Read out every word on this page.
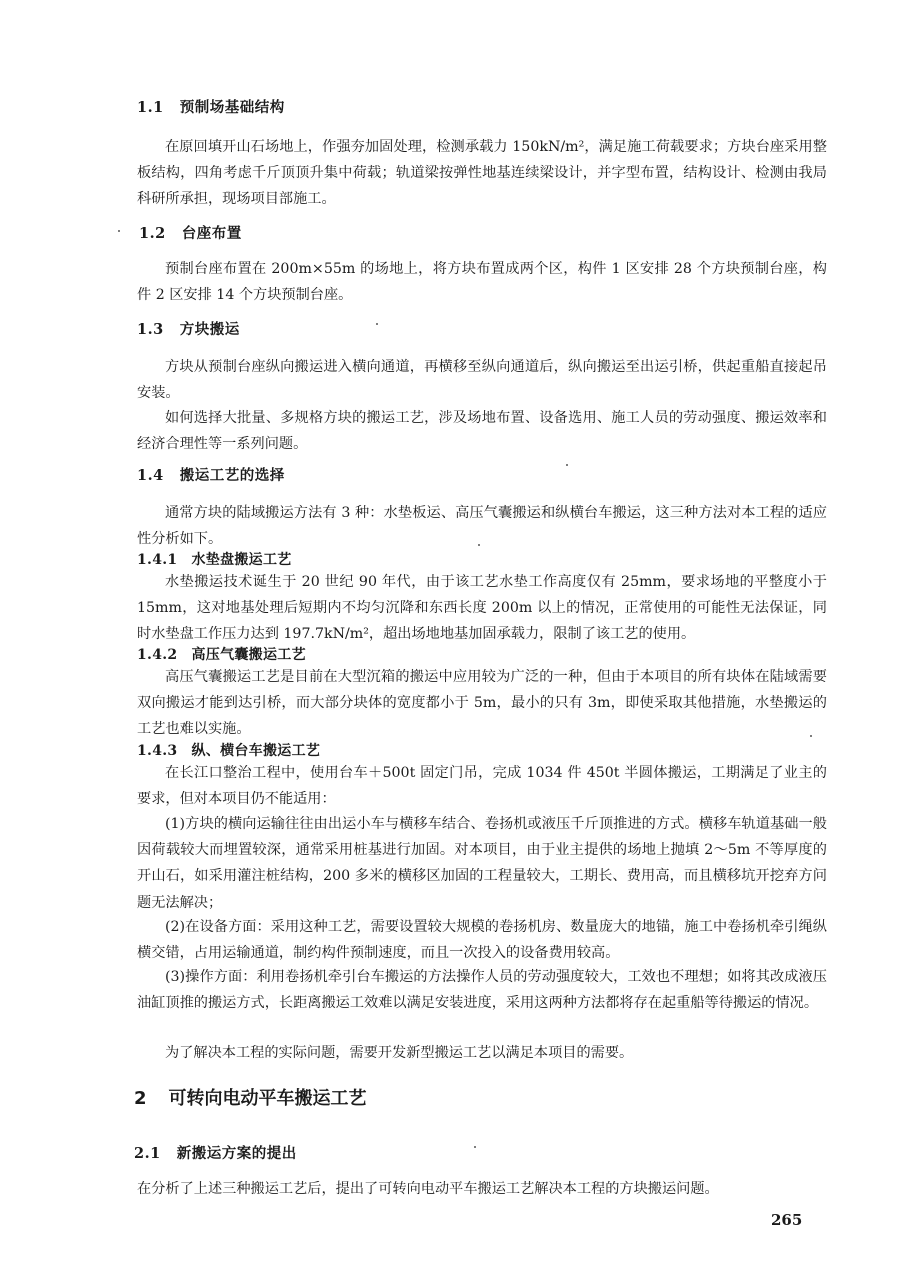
1.1 预制场基础结构
在原回填开山石场地上，作强夯加固处理，检测承载力 150kN/m²，满足施工荷载要求；方块台座采用整板结构，四角考虑千斤顶顶升集中荷载；轨道梁按弹性地基连续梁设计，并字型布置，结构设计、检测由我局科研所承担，现场项目部施工。
1.2 台座布置
预制台座布置在 200m×55m 的场地上，将方块布置成两个区，构件 1 区安排 28 个方块预制台座，构件 2 区安排 14 个方块预制台座。
1.3 方块搬运
方块从预制台座纵向搬运进入横向通道，再横移至纵向通道后，纵向搬运至出运引桥，供起重船直接起吊安装。
如何选择大批量、多规格方块的搬运工艺，涉及场地布置、设备选用、施工人员的劳动强度、搬运效率和经济合理性等一系列问题。
1.4 搬运工艺的选择
通常方块的陆域搬运方法有 3 种：水垫板运、高压气囊搬运和纵横台车搬运，这三种方法对本工程的适应性分析如下。
1.4.1 水垫盘搬运工艺
水垫搬运技术诞生于 20 世纪 90 年代，由于该工艺水垫工作高度仅有 25mm，要求场地的平整度小于 15mm，这对地基处理后短期内不均匀沉降和东西长度 200m 以上的情况，正常使用的可能性无法保证，同时水垫盘工作压力达到 197.7kN/m²，超出场地地基加固承载力，限制了该工艺的使用。
1.4.2 高压气囊搬运工艺
高压气囊搬运工艺是目前在大型沉箱的搬运中应用较为广泛的一种，但由于本项目的所有块体在陆域需要双向搬运才能到达引桥，而大部分块体的宽度都小于 5m，最小的只有 3m，即使采取其他措施，水垫搬运的工艺也难以实施。
1.4.3 纵、横台车搬运工艺
在长江口整治工程中，使用台车＋500t 固定门吊，完成 1034 件 450t 半圆体搬运，工期满足了业主的要求，但对本项目仍不能适用：
(1)方块的横向运输往往由出运小车与横移车结合、卷扬机或液压千斤顶推进的方式。横移车轨道基础一般因荷载较大而埋置较深，通常采用桩基进行加固。对本项目，由于业主提供的场地上抛填 2～5m 不等厚度的开山石，如采用灌注桩结构，200 多米的横移区加固的工程量较大，工期长、费用高，而且横移坑开挖弃方问题无法解决；
(2)在设备方面：采用这种工艺，需要设置较大规模的卷扬机房、数量庞大的地锚，施工中卷扬机牵引绳纵横交错，占用运输通道，制约构件预制速度，而且一次投入的设备费用较高。
(3)操作方面：利用卷扬机牵引台车搬运的方法操作人员的劳动强度较大，工效也不理想；如将其改成液压油缸顶推的搬运方式，长距离搬运工效难以满足安装进度，采用这两种方法都将存在起重船等待搬运的情况。
为了解决本工程的实际问题，需要开发新型搬运工艺以满足本项目的需要。
2 可转向电动平车搬运工艺
2.1 新搬运方案的提出
在分析了上述三种搬运工艺后，提出了可转向电动平车搬运工艺解决本工程的方块搬运问题。
265
